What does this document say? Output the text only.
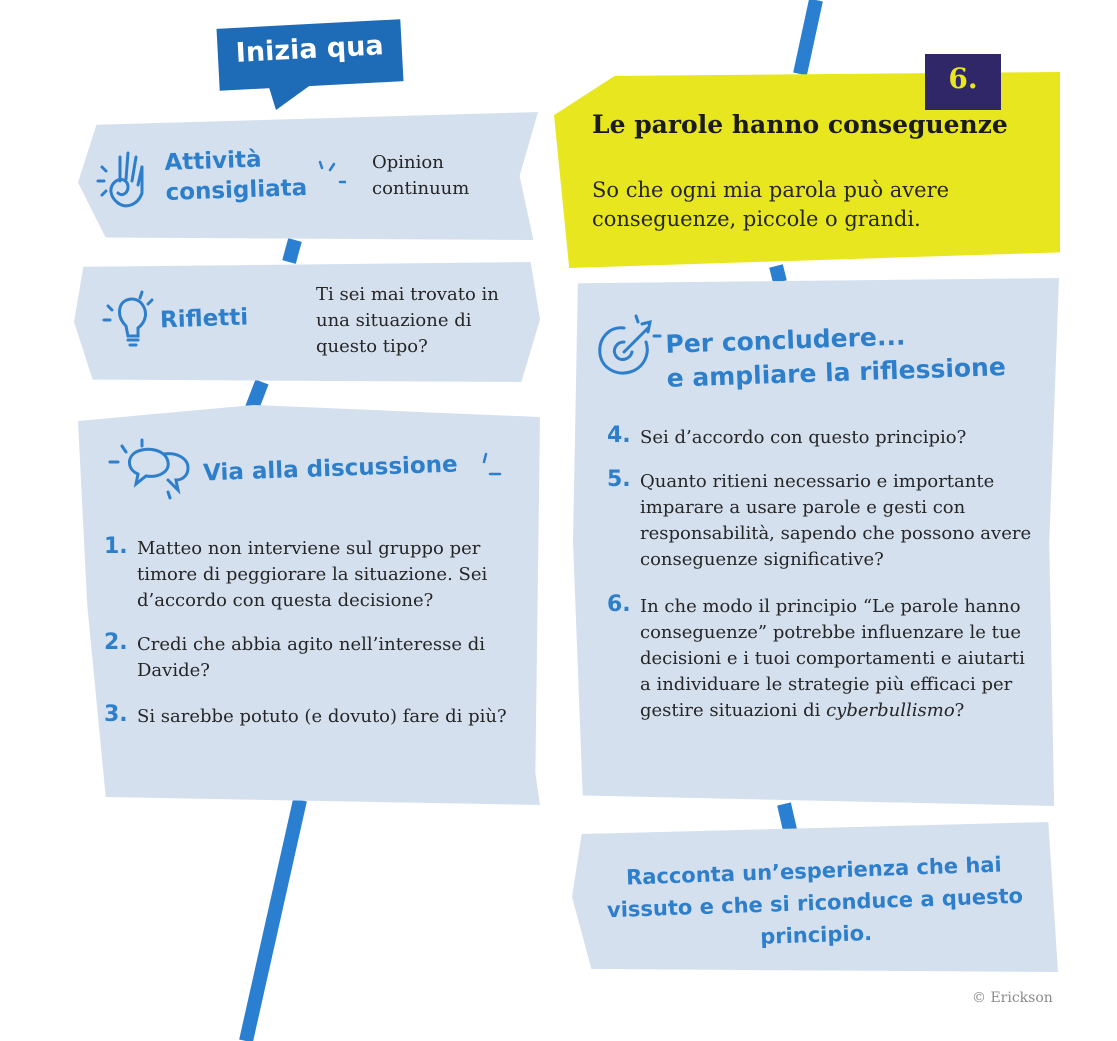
Inizia qua
6.
Le parole hanno conseguenze
So che ogni mia parola può avere conseguenze, piccole o grandi.
Attività consigliata
Opinion continuum
Rifletti
Ti sei mai trovato in una situazione di questo tipo?
Via alla discussione
1. Matteo non interviene sul gruppo per timore di peggiorare la situazione. Sei d’accordo con questa decisione?
2. Credi che abbia agito nell’interesse di Davide?
3. Si sarebbe potuto (e dovuto) fare di più?
Per concludere...
e ampliare la riflessione
4. Sei d’accordo con questo principio?
5. Quanto ritieni necessario e importante imparare a usare parole e gesti con responsabilità, sapendo che possono avere conseguenze significative?
6. In che modo il principio “Le parole hanno conseguenze” potrebbe influenzare le tue decisioni e i tuoi comportamenti e aiutarti a individuare le strategie più efficaci per gestire situazioni di cyberbullismo?
Racconta un’esperienza che hai vissuto e che si riconduce a questo principio.
© Erickson
